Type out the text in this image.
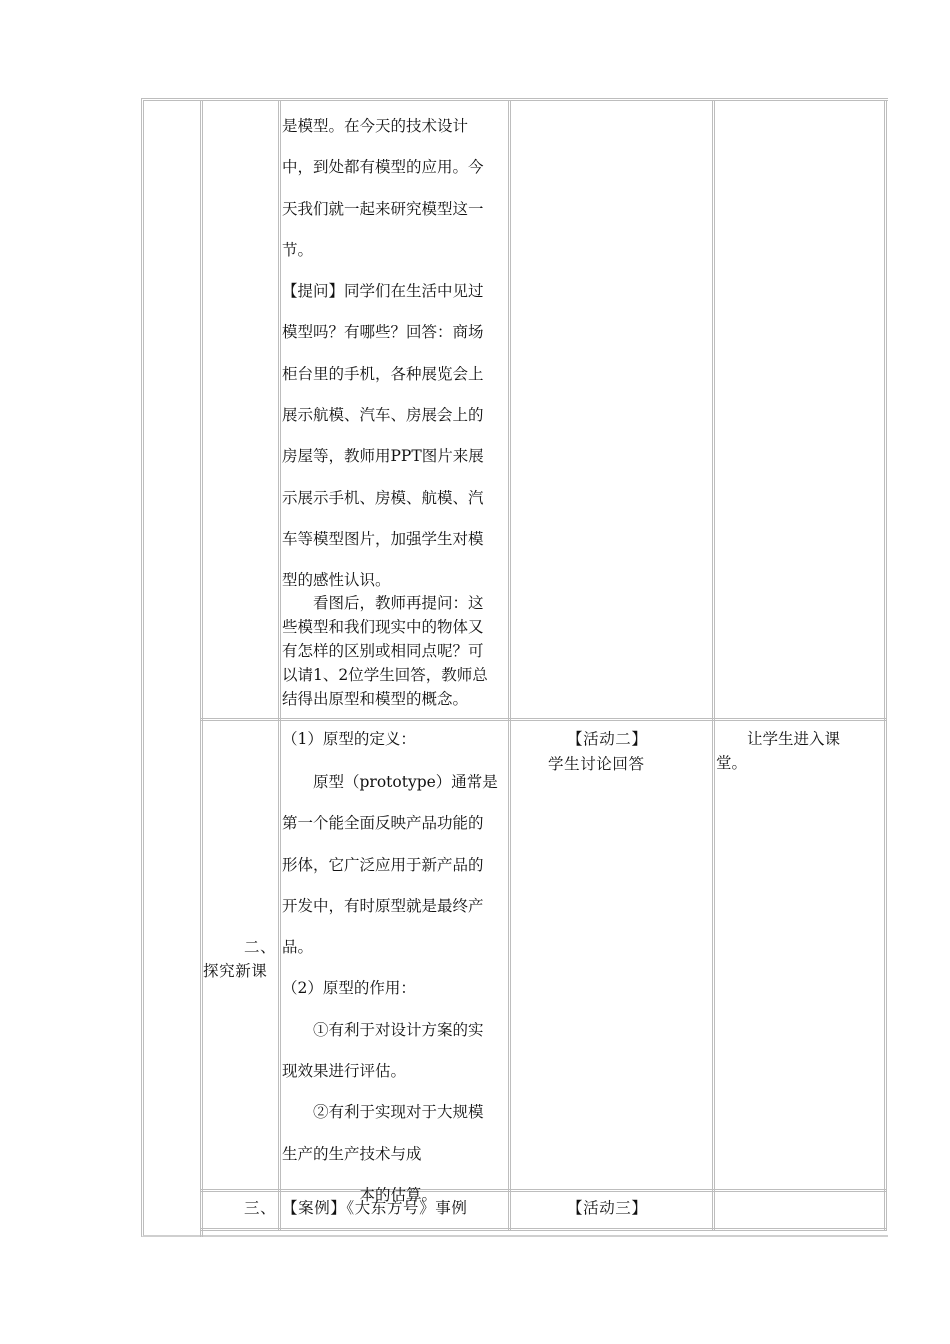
是模型。在今天的技术设计
中，到处都有模型的应用。今
天我们就一起来研究模型这一
节。
【提问】同学们在生活中见过
模型吗？有哪些？回答：商场
柜台里的手机，各种展览会上
展示航模、汽车、房展会上的
房屋等，教师用PPT图片来展
示展示手机、房模、航模、汽
车等模型图片，加强学生对模
型的感性认识。
　　看图后，教师再提问：这
些模型和我们现实中的物体又
有怎样的区别或相同点呢？可
以请1、2位学生回答，教师总
结得出原型和模型的概念。
二、
探究新课
（1）原型的定义：
　　原型（prototype）通常是
第一个能全面反映产品功能的
形体，它广泛应用于新产品的
开发中，有时原型就是最终产
品。
（2）原型的作用：
　　①有利于对设计方案的实
现效果进行评估。
　　②有利于实现对于大规模
生产的生产技术与成
　　　　　本的估算。
【活动二】
学生讨论回答
　　让学生进入课
堂。
三、 【案例】《大东方号》事例	【活动三】
